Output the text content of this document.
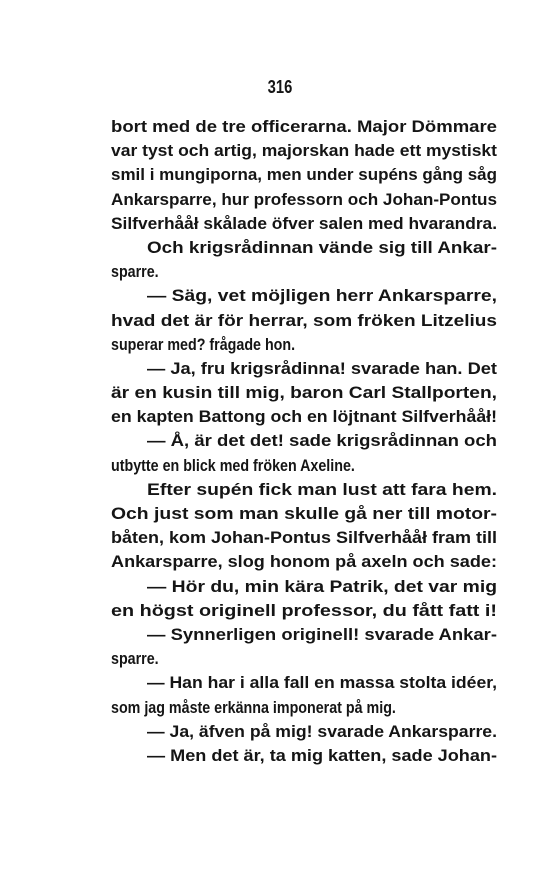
316
bort med de tre officerarna. Major Dömmare
var tyst och artig, majorskan hade ett mystiskt
smil i mungiporna, men under supéns gång såg
Ankarsparre, hur professorn och Johan-Pontus
Silfverhååł skålade öfver salen med hvarandra.
Och krigsrådinnan vände sig till Ankar-
sparre.
— Säg, vet möjligen herr Ankarsparre,
hvad det är för herrar, som fröken Litzelius
superar med? frågade hon.
— Ja, fru krigsrådinna! svarade han. Det
är en kusin till mig, baron Carl Stallporten,
en kapten Battong och en löjtnant Silfverhååł!
— Å, är det det! sade krigsrådinnan och
utbytte en blick med fröken Axeline.
Efter supén fick man lust att fara hem.
Och just som man skulle gå ner till motor-
båten, kom Johan-Pontus Silfverhååł fram till
Ankarsparre, slog honom på axeln och sade:
— Hör du, min kära Patrik, det var mig
en högst originell professor, du fått fatt i!
— Synnerligen originell! svarade Ankar-
sparre.
— Han har i alla fall en massa stolta idéer,
som jag måste erkänna imponerat på mig.
— Ja, äfven på mig! svarade Ankarsparre.
— Men det är, ta mig katten, sade Johan-
